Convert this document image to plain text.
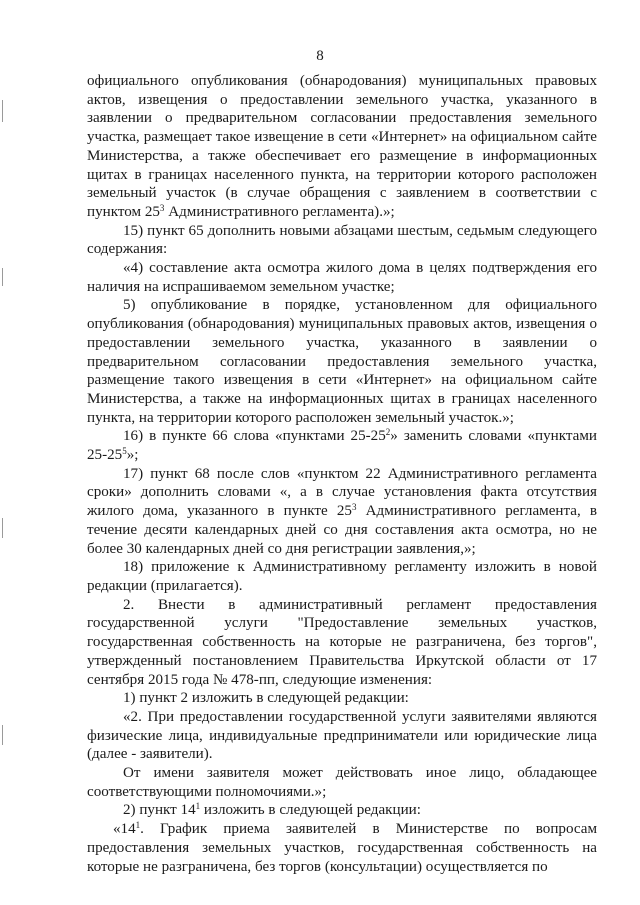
8

официального опубликования (обнародования) муниципальных правовых актов, извещения о предоставлении земельного участка, указанного в заявлении о предварительном согласовании предоставления земельного участка, размещает такое извещение в сети «Интернет» на официальном сайте Министерства, а также обеспечивает его размещение в информационных щитах в границах населенного пункта, на территории которого расположен земельный участок (в случае обращения с заявлением в соответствии с пунктом $25^3$ Административного регламента).»;

15) пункт 65 дополнить новыми абзацами шестым, седьмым следующего содержания:

«4) составление акта осмотра жилого дома в целях подтверждения его наличия на испрашиваемом земельном участке;

5) опубликование в порядке, установленном для официального опубликования (обнародования) муниципальных правовых актов, извещения о предоставлении земельного участка, указанного в заявлении о предварительном согласовании предоставления земельного участка, размещение такого извещения в сети «Интернет» на официальном сайте Министерства, а также на информационных щитах в границах населенного пункта, на территории которого расположен земельный участок.»;

16) в пункте 66 слова «пунктами $25-25^2$» заменить словами «пунктами $25-25^5$»;

17) пункт 68 после слов «пунктом 22 Административного регламента сроки» дополнить словами «, а в случае установления факта отсутствия жилого дома, указанного в пункте $25^3$ Административного регламента, в течение десяти календарных дней со дня составления акта осмотра, но не более 30 календарных дней со дня регистрации заявления,»;

18) приложение к Административному регламенту изложить в новой редакции (прилагается).

2. Внести в административный регламент предоставления государственной услуги "Предоставление земельных участков, государственная собственность на которые не разграничена, без торгов", утвержденный постановлением Правительства Иркутской области от 17 сентября 2015 года № 478-пп, следующие изменения:

1) пункт 2 изложить в следующей редакции:

«2. При предоставлении государственной услуги заявителями являются физические лица, индивидуальные предприниматели или юридические лица (далее - заявители).

От имени заявителя может действовать иное лицо, обладающее соответствующими полномочиями.»;

2) пункт $14^1$ изложить в следующей редакции:

«$14^1$. График приема заявителей в Министерстве по вопросам предоставления земельных участков, государственная собственность на которые не разграничена, без торгов (консультации) осуществляется по
